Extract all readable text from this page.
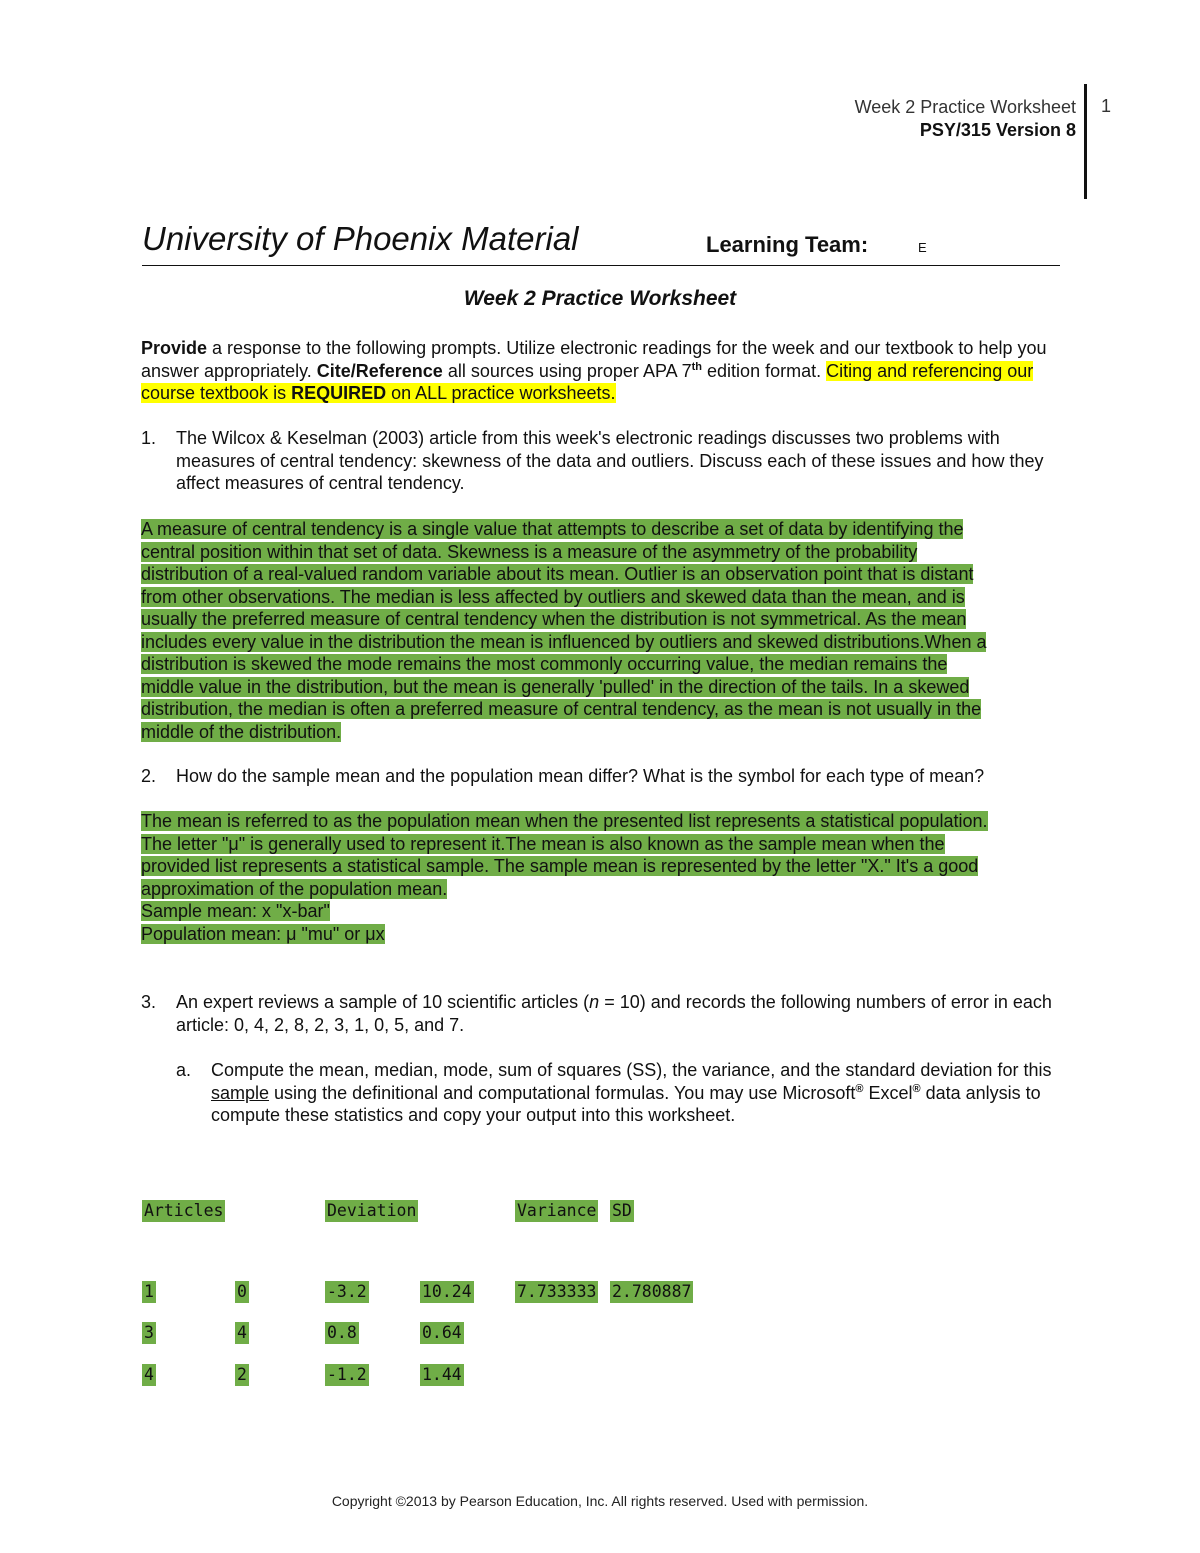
Week 2 Practice Worksheet
PSY/315 Version 8
1
University of Phoenix Material	Learning Team:	E
Week 2 Practice Worksheet
Provide a response to the following prompts. Utilize electronic readings for the week and our textbook to help you answer appropriately. Cite/Reference all sources using proper APA 7th edition format. Citing and referencing our course textbook is REQUIRED on ALL practice worksheets.
1. The Wilcox & Keselman (2003) article from this week's electronic readings discusses two problems with measures of central tendency: skewness of the data and outliers. Discuss each of these issues and how they affect measures of central tendency.
A measure of central tendency is a single value that attempts to describe a set of data by identifying the
central position within that set of data. Skewness is a measure of the asymmetry of the probability
distribution of a real-valued random variable about its mean. Outlier is an observation point that is distant
from other observations. The median is less affected by outliers and skewed data than the mean, and is
usually the preferred measure of central tendency when the distribution is not symmetrical. As the mean
includes every value in the distribution the mean is influenced by outliers and skewed distributions.When a
distribution is skewed the mode remains the most commonly occurring value, the median remains the
middle value in the distribution, but the mean is generally 'pulled' in the direction of the tails. In a skewed
distribution, the median is often a preferred measure of central tendency, as the mean is not usually in the
middle of the distribution.
2. How do the sample mean and the population mean differ? What is the symbol for each type of mean?
The mean is referred to as the population mean when the presented list represents a statistical population.
The letter "μ" is generally used to represent it.The mean is also known as the sample mean when the
provided list represents a statistical sample. The sample mean is represented by the letter "X." It's a good
approximation of the population mean.
Sample mean: x "x-bar"
Population mean: μ "mu" or μx
3. An expert reviews a sample of 10 scientific articles (n = 10) and records the following numbers of error in each article: 0, 4, 2, 8, 2, 3, 1, 0, 5, and 7.
a. Compute the mean, median, mode, sum of squares (SS), the variance, and the standard deviation for this sample using the definitional and computational formulas. You may use Microsoft® Excel® data anlysis to compute these statistics and copy your output into this worksheet.
Articles	Deviation	Variance SD
1	0	-3.2	10.24	7.733333 2.780887
3	4	0.8	0.64
4	2	-1.2	1.44
Copyright ©2013 by Pearson Education, Inc. All rights reserved. Used with permission.
